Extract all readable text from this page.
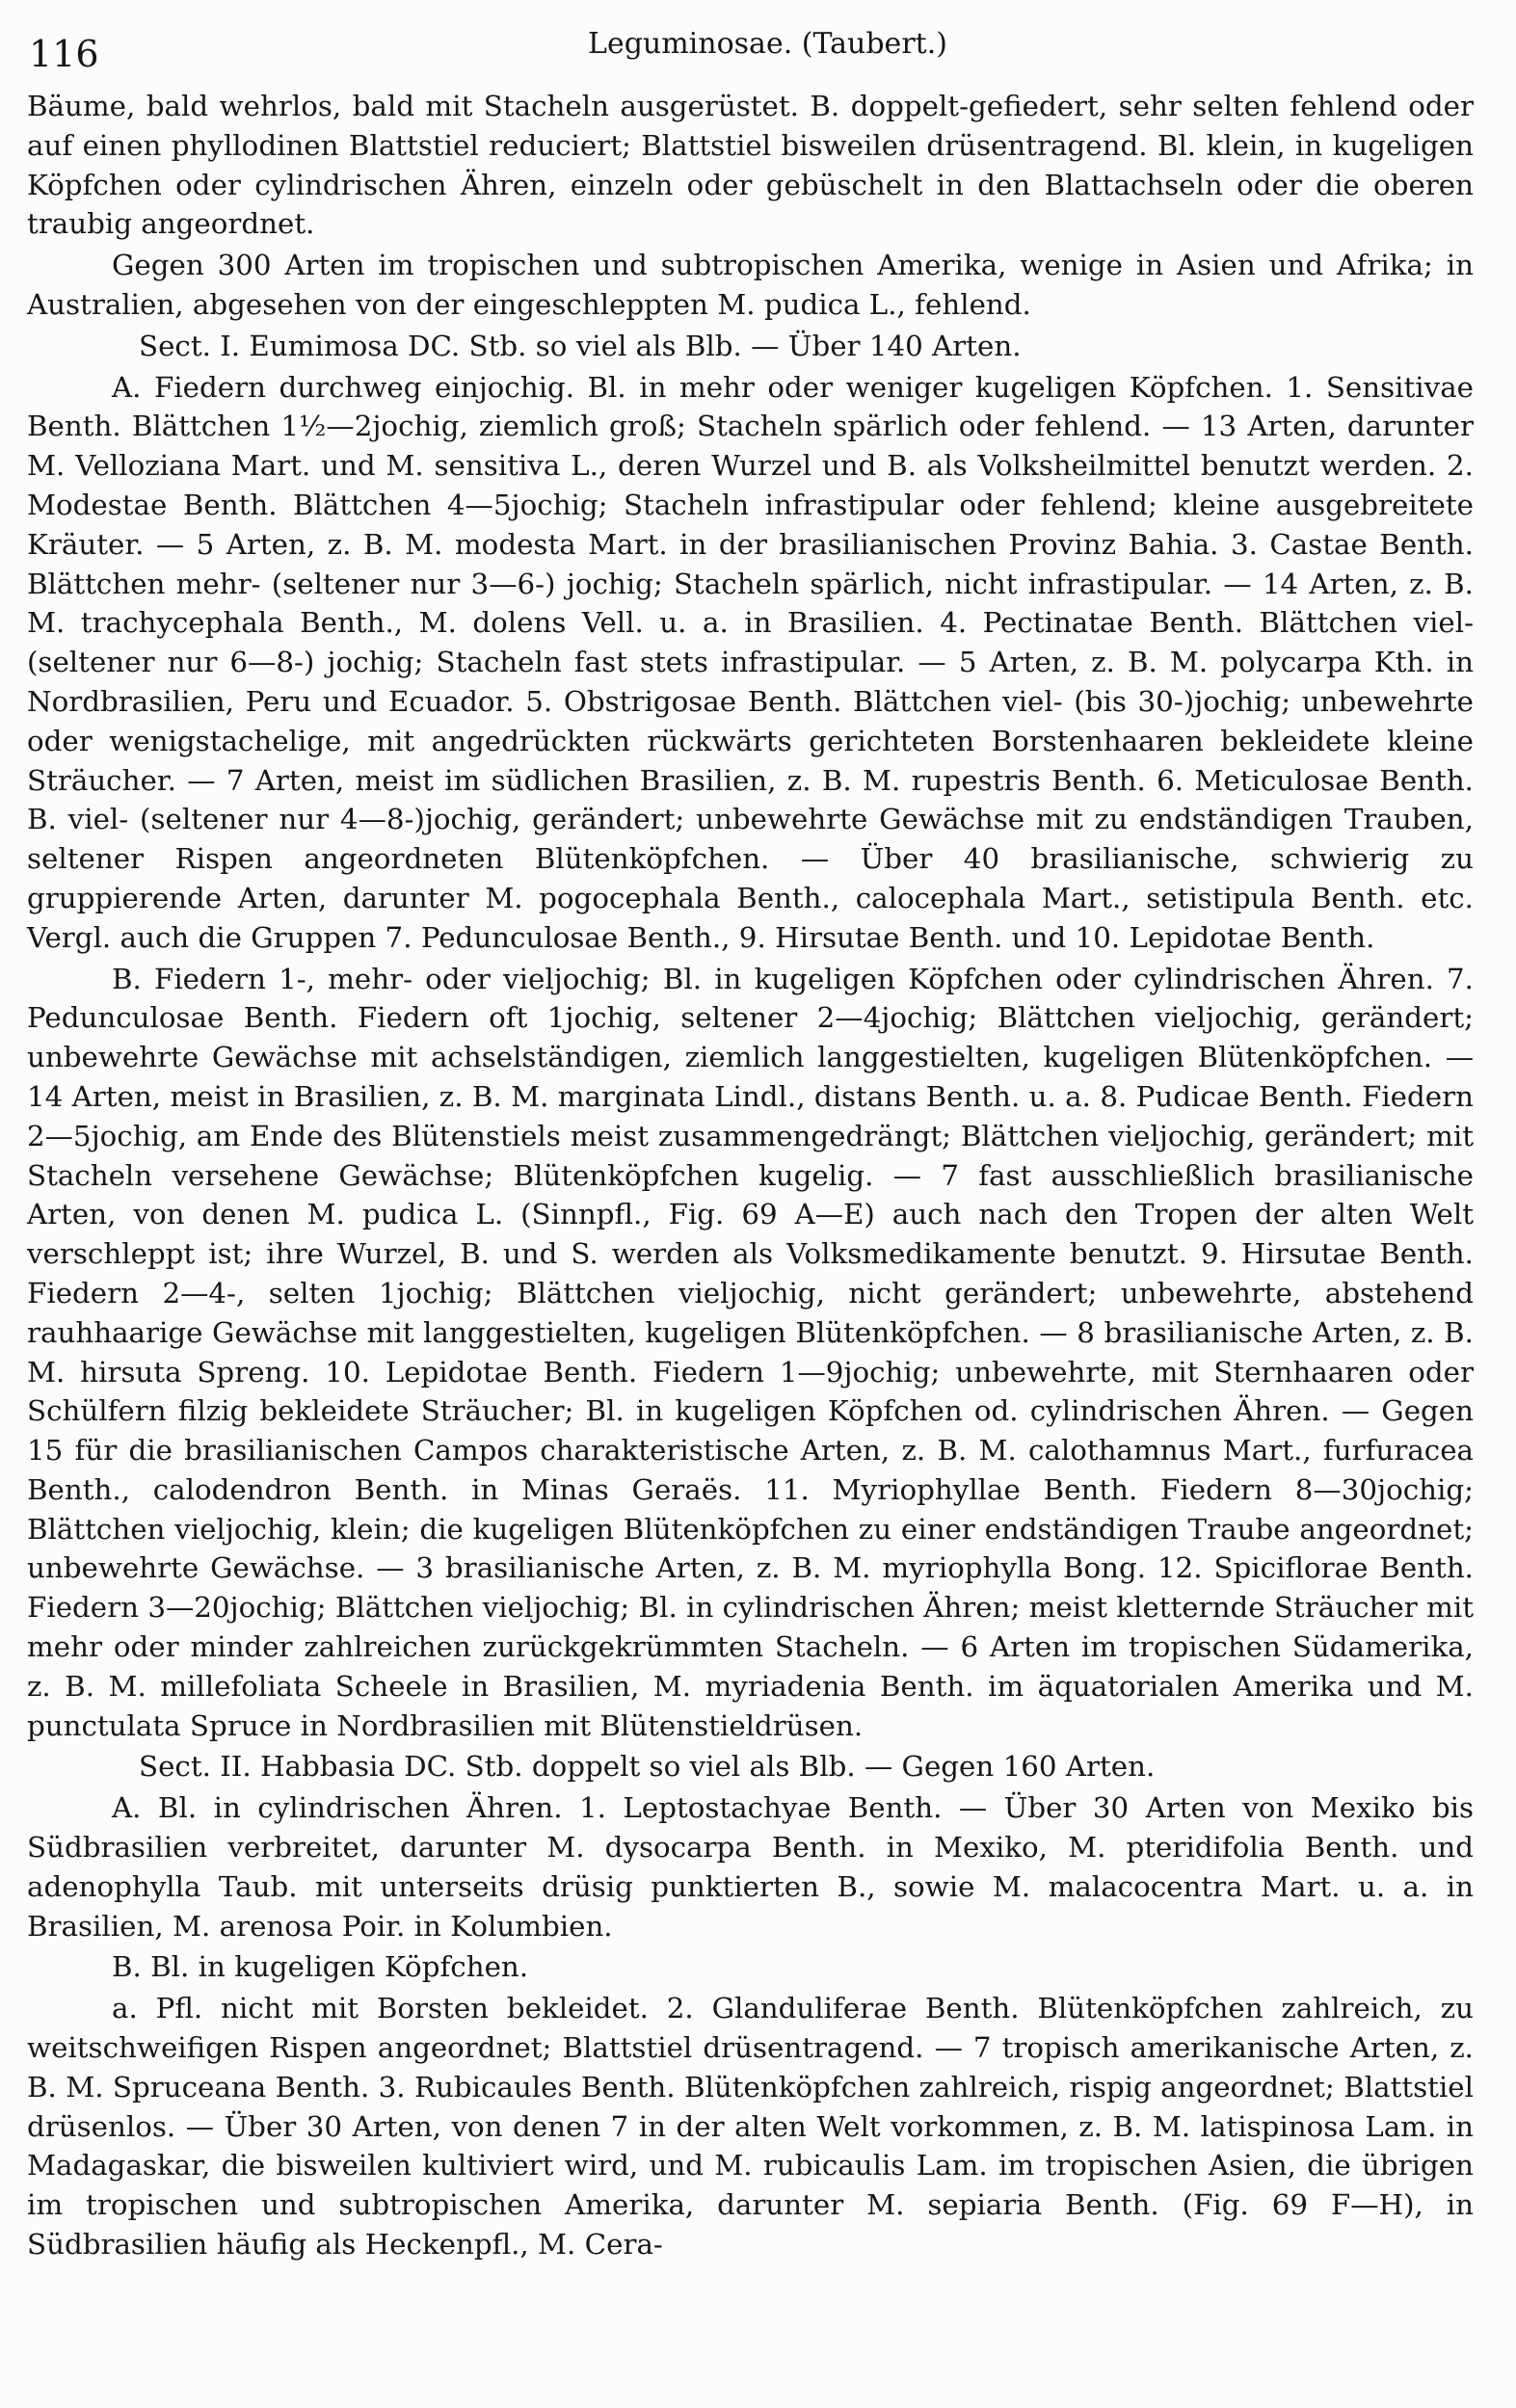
116	Leguminosae. (Taubert.)

Bäume, bald wehrlos, bald mit Stacheln ausgerüstet. B. doppelt-gefiedert, sehr selten fehlend oder auf einen phyllodinen Blattstiel reduciert; Blattstiel bisweilen drüsentragend. Bl. klein, in kugeligen Köpfchen oder cylindrischen Ähren, einzeln oder gebüschelt in den Blattachseln oder die oberen traubig angeordnet.

Gegen 300 Arten im tropischen und subtropischen Amerika, wenige in Asien und Afrika; in Australien, abgesehen von der eingeschleppten M. pudica L., fehlend.

Sect. I. Eumimosa DC. Stb. so viel als Blb. — Über 140 Arten.

A. Fiedern durchweg einjochig. Bl. in mehr oder weniger kugeligen Köpfchen. 1. Sensitivae Benth. Blättchen 1½—2jochig, ziemlich groß; Stacheln spärlich oder fehlend. — 13 Arten, darunter M. Velloziana Mart. und M. sensitiva L., deren Wurzel und B. als Volksheilmittel benutzt werden. 2. Modestae Benth. Blättchen 4—5jochig; Stacheln infrastipular oder fehlend; kleine ausgebreitete Kräuter. — 5 Arten, z. B. M. modesta Mart. in der brasilianischen Provinz Bahia. 3. Castae Benth. Blättchen mehr- (seltener nur 3—6-) jochig; Stacheln spärlich, nicht infrastipular. — 14 Arten, z. B. M. trachycephala Benth., M. dolens Vell. u. a. in Brasilien. 4. Pectinatae Benth. Blättchen viel- (seltener nur 6—8-) jochig; Stacheln fast stets infrastipular. — 5 Arten, z. B. M. polycarpa Kth. in Nordbrasilien, Peru und Ecuador. 5. Obstrigosae Benth. Blättchen viel- (bis 30-)jochig; unbewehrte oder wenigstachelige, mit angedrückten rückwärts gerichteten Borstenhaaren bekleidete kleine Sträucher. — 7 Arten, meist im südlichen Brasilien, z. B. M. rupestris Benth. 6. Meticulosae Benth. B. viel- (seltener nur 4—8-)jochig, gerändert; unbewehrte Gewächse mit zu endständigen Trauben, seltener Rispen angeordneten Blütenköpfchen. — Über 40 brasilianische, schwierig zu gruppierende Arten, darunter M. pogocephala Benth., calocephala Mart., setistipula Benth. etc. Vergl. auch die Gruppen 7. Pedunculosae Benth., 9. Hirsutae Benth. und 10. Lepidotae Benth.

B. Fiedern 1-, mehr- oder vieljochig; Bl. in kugeligen Köpfchen oder cylindrischen Ähren. 7. Pedunculosae Benth. Fiedern oft 1jochig, seltener 2—4jochig; Blättchen vieljochig, gerändert; unbewehrte Gewächse mit achselständigen, ziemlich langgestielten, kugeligen Blütenköpfchen. — 14 Arten, meist in Brasilien, z. B. M. marginata Lindl., distans Benth. u. a. 8. Pudicae Benth. Fiedern 2—5jochig, am Ende des Blütenstiels meist zusammengedrängt; Blättchen vieljochig, gerändert; mit Stacheln versehene Gewächse; Blütenköpfchen kugelig. — 7 fast ausschließlich brasilianische Arten, von denen M. pudica L. (Sinnpfl., Fig. 69 A—E) auch nach den Tropen der alten Welt verschleppt ist; ihre Wurzel, B. und S. werden als Volksmedikamente benutzt. 9. Hirsutae Benth. Fiedern 2—4-, selten 1jochig; Blättchen vieljochig, nicht gerändert; unbewehrte, abstehend rauhhaarige Gewächse mit langgestielten, kugeligen Blütenköpfchen. — 8 brasilianische Arten, z. B. M. hirsuta Spreng. 10. Lepidotae Benth. Fiedern 1—9jochig; unbewehrte, mit Sternhaaren oder Schülfern filzig bekleidete Sträucher; Bl. in kugeligen Köpfchen od. cylindrischen Ähren. — Gegen 15 für die brasilianischen Campos charakteristische Arten, z. B. M. calothamnus Mart., furfuracea Benth., calodendron Benth. in Minas Geraës. 11. Myriophyllae Benth. Fiedern 8—30jochig; Blättchen vieljochig, klein; die kugeligen Blütenköpfchen zu einer endständigen Traube angeordnet; unbewehrte Gewächse. — 3 brasilianische Arten, z. B. M. myriophylla Bong. 12. Spiciflorae Benth. Fiedern 3—20jochig; Blättchen vieljochig; Bl. in cylindrischen Ähren; meist kletternde Sträucher mit mehr oder minder zahlreichen zurückgekrümmten Stacheln. — 6 Arten im tropischen Südamerika, z. B. M. millefoliata Scheele in Brasilien, M. myriadenia Benth. im äquatorialen Amerika und M. punctulata Spruce in Nordbrasilien mit Blütenstieldrüsen.

Sect. II. Habbasia DC. Stb. doppelt so viel als Blb. — Gegen 160 Arten.

A. Bl. in cylindrischen Ähren. 1. Leptostachyae Benth. — Über 30 Arten von Mexiko bis Südbrasilien verbreitet, darunter M. dysocarpa Benth. in Mexiko, M. pteridifolia Benth. und adenophylla Taub. mit unterseits drüsig punktierten B., sowie M. malacocentra Mart. u. a. in Brasilien, M. arenosa Poir. in Kolumbien.

B. Bl. in kugeligen Köpfchen.

a. Pfl. nicht mit Borsten bekleidet. 2. Glanduliferae Benth. Blütenköpfchen zahlreich, zu weitschweifigen Rispen angeordnet; Blattstiel drüsentragend. — 7 tropisch amerikanische Arten, z. B. M. Spruceana Benth. 3. Rubicaules Benth. Blütenköpfchen zahlreich, rispig angeordnet; Blattstiel drüsenlos. — Über 30 Arten, von denen 7 in der alten Welt vorkommen, z. B. M. latispinosa Lam. in Madagaskar, die bisweilen kultiviert wird, und M. rubicaulis Lam. im tropischen Asien, die übrigen im tropischen und subtropischen Amerika, darunter M. sepiaria Benth. (Fig. 69 F—H), in Südbrasilien häufig als Heckenpfl., M. Cera-
